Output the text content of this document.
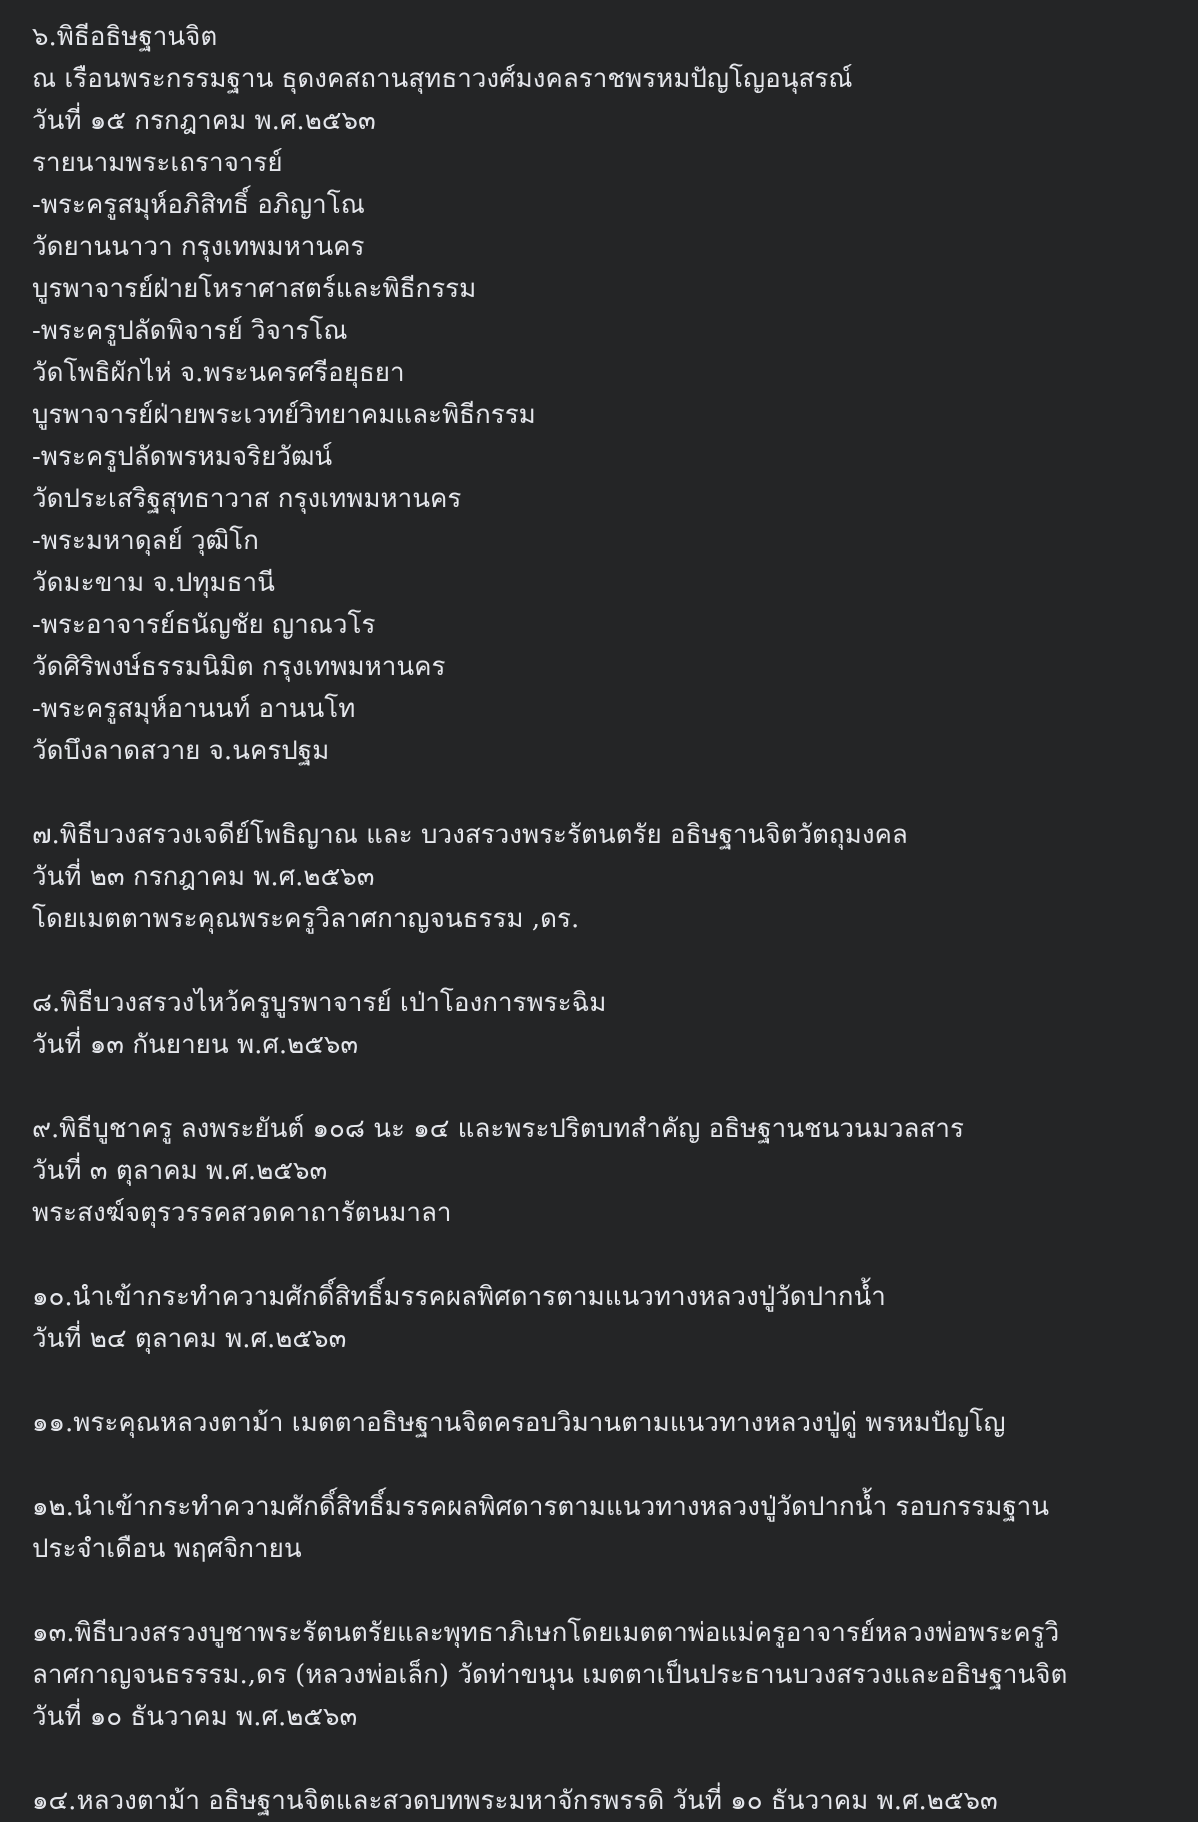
๖.พิธีอธิษฐานจิต
ณ เรือนพระกรรมฐาน ธุดงคสถานสุทธาวงศ์มงคลราชพรหมปัญโญอนุสรณ์
วันที่ ๑๕ กรกฎาคม พ.ศ.๒๕๖๓
รายนามพระเถราจารย์
-พระครูสมุห์อภิสิทธิ์ อภิญาโณ
วัดยานนาวา กรุงเทพมหานคร
บูรพาจารย์ฝ่ายโหราศาสตร์และพิธีกรรม
-พระครูปลัดพิจารย์ วิจารโณ
วัดโพธิผักไห่ จ.พระนครศรีอยุธยา
บูรพาจารย์ฝ่ายพระเวทย์วิทยาคมและพิธีกรรม
-พระครูปลัดพรหมจริยวัฒน์
วัดประเสริฐสุทธาวาส กรุงเทพมหานคร
-พระมหาดุลย์ วุฒิโก
วัดมะขาม จ.ปทุมธานี
-พระอาจารย์ธนัญชัย ญาณวโร
วัดศิริพงษ์ธรรมนิมิต กรุงเทพมหานคร
-พระครูสมุห์อานนท์ อานนโท
วัดบึงลาดสวาย จ.นครปฐม
๗.พิธีบวงสรวงเจดีย์โพธิญาณ และ บวงสรวงพระรัตนตรัย อธิษฐานจิตวัตถุมงคล
วันที่ ๒๓ กรกฎาคม พ.ศ.๒๕๖๓
โดยเมตตาพระคุณพระครูวิลาศกาญจนธรรม ,ดร.
๘.พิธีบวงสรวงไหว้ครูบูรพาจารย์ เป่าโองการพระฉิม
วันที่ ๑๓ กันยายน พ.ศ.๒๕๖๓
๙.พิธีบูชาครู ลงพระยันต์ ๑๐๘ นะ ๑๔ และพระปริตบทสำคัญ อธิษฐานชนวนมวลสาร
วันที่ ๓ ตุลาคม พ.ศ.๒๕๖๓
พระสงฆ์จตุรวรรคสวดคาถารัตนมาลา
๑๐.นำเข้ากระทำความศักดิ์สิทธิ์มรรคผลพิศดารตามแนวทางหลวงปู่วัดปากน้ำ
วันที่ ๒๔ ตุลาคม พ.ศ.๒๕๖๓
๑๑.พระคุณหลวงตาม้า เมตตาอธิษฐานจิตครอบวิมานตามแนวทางหลวงปู่ดู่ พรหมปัญโญ
๑๒.นำเข้ากระทำความศักดิ์สิทธิ์มรรคผลพิศดารตามแนวทางหลวงปู่วัดปากน้ำ รอบกรรมฐาน
ประจำเดือน พฤศจิกายน
๑๓.พิธีบวงสรวงบูชาพระรัตนตรัยและพุทธาภิเษกโดยเมตตาพ่อแม่ครูอาจารย์หลวงพ่อพระครูวิ
ลาศกาญจนธรรรม.,ดร (หลวงพ่อเล็ก) วัดท่าขนุน เมตตาเป็นประธานบวงสรวงและอธิษฐานจิต
วันที่ ๑๐ ธันวาคม พ.ศ.๒๕๖๓
๑๔.หลวงตาม้า อธิษฐานจิตและสวดบทพระมหาจักรพรรดิ วันที่ ๑๐ ธันวาคม พ.ศ.๒๕๖๓
